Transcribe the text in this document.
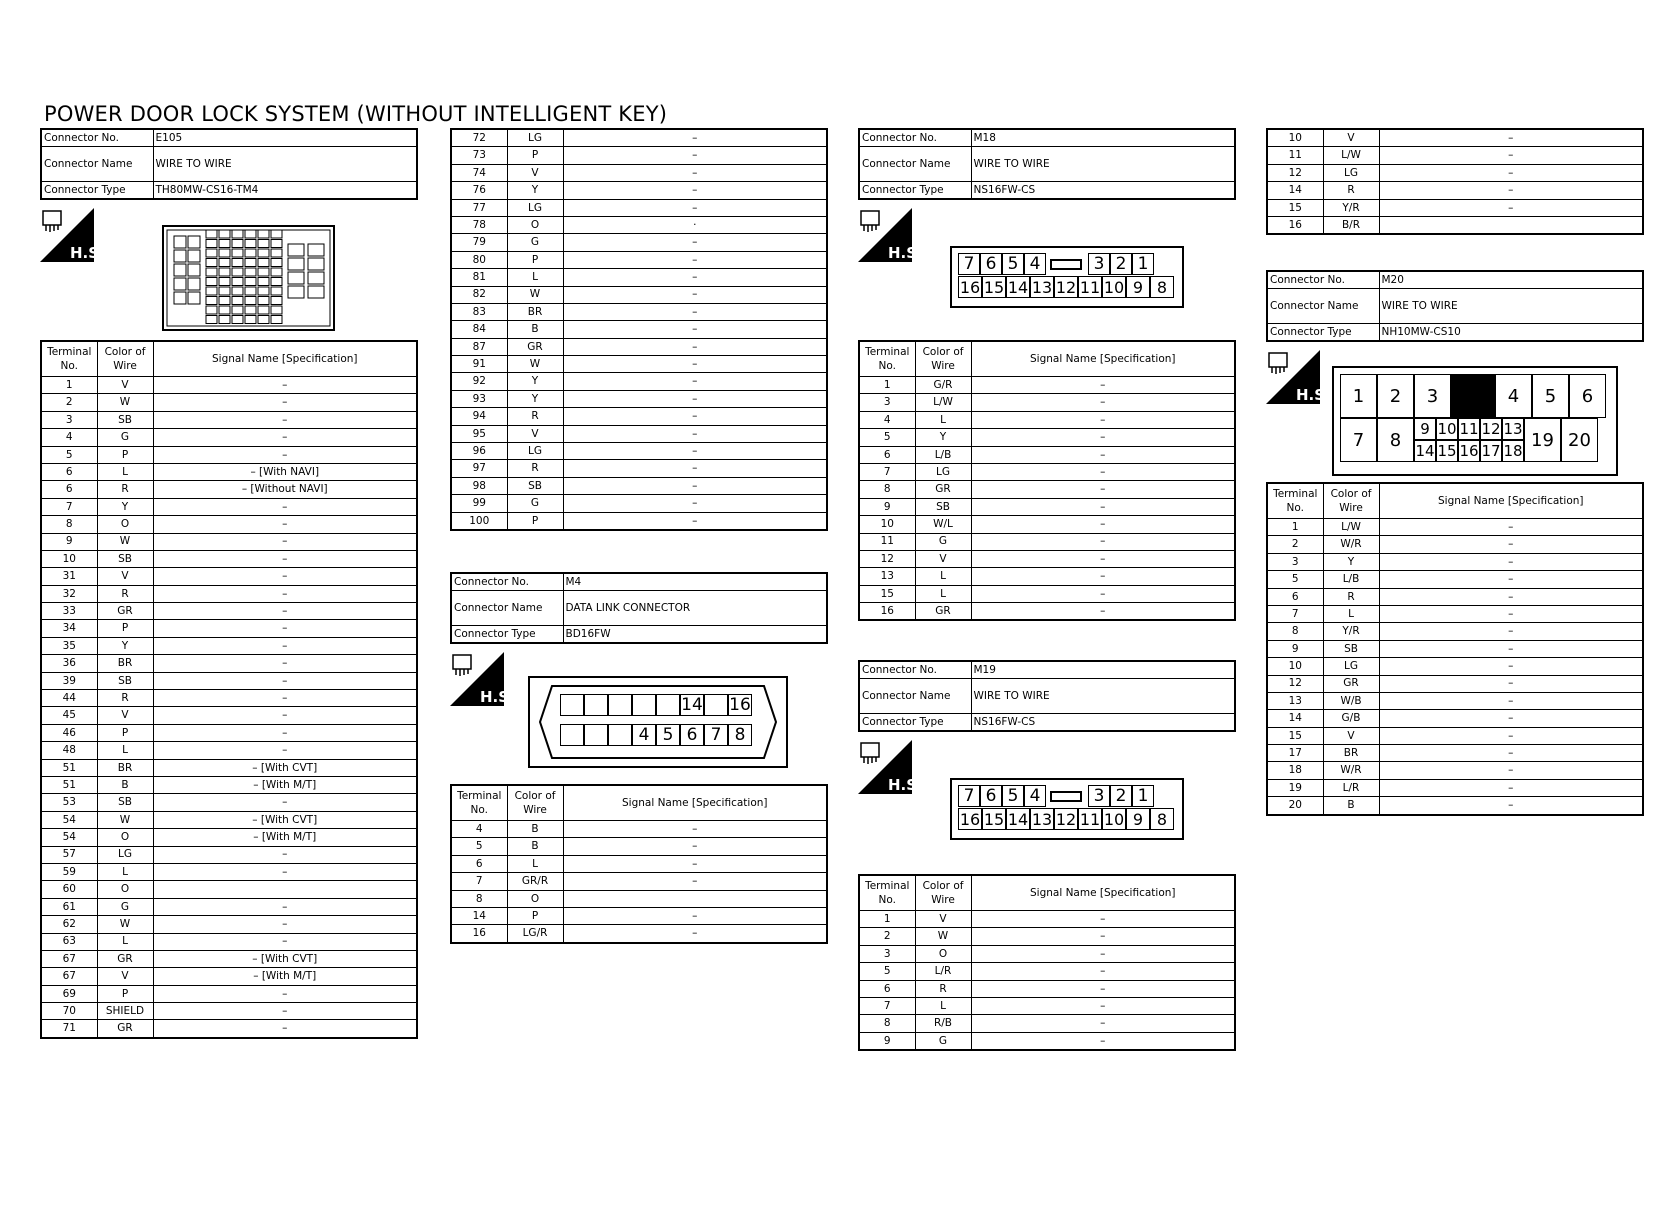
POWER DOOR LOCK SYSTEM (WITHOUT INTELLIGENT KEY)
Connector No.	E105
Connector Name	WIRE TO WIRE
Connector Type	TH80MW-CS16-TM4
H.S.
Terminal No.	Color of Wire	Signal Name [Specification]
1	V	–
2	W	–
3	SB	–
4	G	–
5	P	–
6	L	– [With NAVI]
6	R	– [Without NAVI]
7	Y	–
8	O	–
9	W	–
10	SB	–
31	V	–
32	R	–
33	GR	–
34	P	–
35	Y	–
36	BR	–
39	SB	–
44	R	–
45	V	–
46	P	–
48	L	–
51	BR	– [With CVT]
51	B	– [With M/T]
53	SB	–
54	W	– [With CVT]
54	O	– [With M/T]
57	LG	–
59	L	–
60	O	
61	G	–
62	W	–
63	L	–
67	GR	– [With CVT]
67	V	– [With M/T]
69	P	–
70	SHIELD	–
71	GR	–
72	LG	–
73	P	–
74	V	–
76	Y	–
77	LG	–
78	O	·
79	G	–
80	P	–
81	L	–
82	W	–
83	BR	–
84	B	–
87	GR	–
91	W	–
92	Y	–
93	Y	–
94	R	–
95	V	–
96	LG	–
97	R	–
98	SB	–
99	G	–
100	P	–
Connector No.	M4
Connector Name	DATA LINK CONNECTOR
Connector Type	BD16FW
H.S.
4 5
14
6 7
16
8
Terminal No.	Color of Wire	Signal Name [Specification]
4	B	–
5	B	–
6	L	–
7	GR/R	–
8	O	
14	P	–
16	LG/R	–
Connector No.	M18
Connector Name	WIRE TO WIRE
Connector Type	NS16FW-CS
H.S.
7 6 5 4	3 2 1
16 15 14 13 12 11 10 9 8
Terminal No.	Color of Wire	Signal Name [Specification]
1	G/R	–
3	L/W	–
4	L	–
5	Y	–
6	L/B	–
7	LG	–
8	GR	–
9	SB	–
10	W/L	–
11	G	–
12	V	–
13	L	–
15	L	–
16	GR	–
Connector No.	M19
Connector Name	WIRE TO WIRE
Connector Type	NS16FW-CS
H.S.
7 6 5 4	3 2 1
16 15 14 13 12 11 10 9 8
Terminal No.	Color of Wire	Signal Name [Specification]
1	V	–
2	W	–
3	O	–
5	L/R	–
6	R	–
7	L	–
8	R/B	–
9	G	–
10	V	–
11	L/W	–
12	LG	–
14	R	–
15	Y/R	–
16	B/R	
Connector No.	M20
Connector Name	WIRE TO WIRE
Connector Type	NH10MW-CS10
H.S.	1	2	3	4	5	6
7	8
9
14
10
15
11
16
12
17
13
18
19 20
Terminal No.	Color of Wire	Signal Name [Specification]
1	L/W	–
2	W/R	–
3	Y	–
5	L/B	–
6	R	–
7	L	–
8	Y/R	–
9	SB	–
10	LG	–
12	GR	–
13	W/B	–
14	G/B	–
15	V	–
17	BR	–
18	W/R	–
19	L/R	–
20	B	–
